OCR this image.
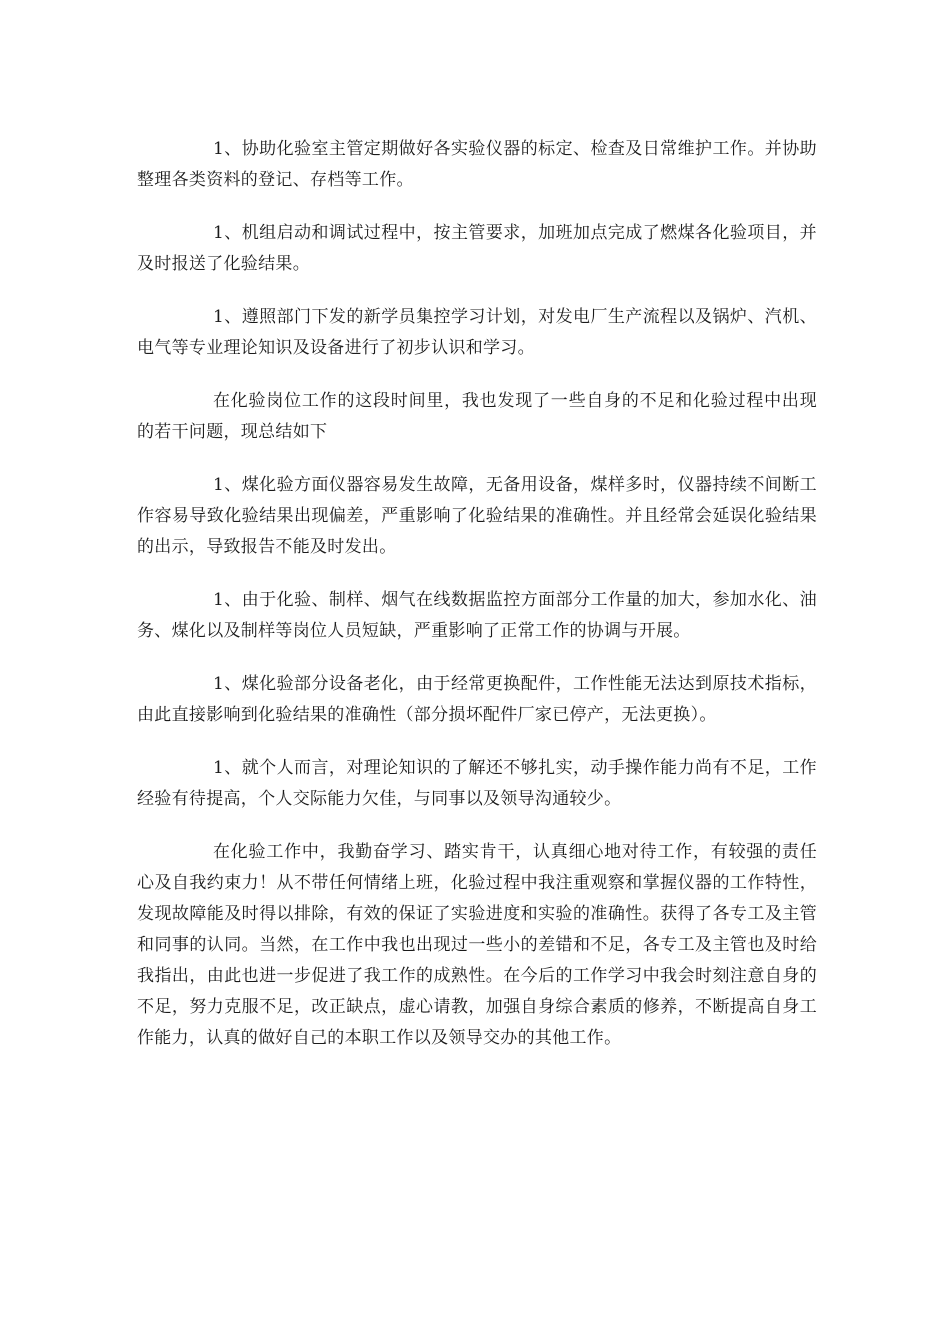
1、协助化验室主管定期做好各实验仪器的标定、检查及日常维护工作。并协助整理各类资料的登记、存档等工作。

1、机组启动和调试过程中，按主管要求，加班加点完成了燃煤各化验项目，并及时报送了化验结果。

1、遵照部门下发的新学员集控学习计划，对发电厂生产流程以及锅炉、汽机、电气等专业理论知识及设备进行了初步认识和学习。

在化验岗位工作的这段时间里，我也发现了一些自身的不足和化验过程中出现的若干问题，现总结如下

1、煤化验方面仪器容易发生故障，无备用设备，煤样多时，仪器持续不间断工作容易导致化验结果出现偏差，严重影响了化验结果的准确性。并且经常会延误化验结果的出示，导致报告不能及时发出。

1、由于化验、制样、烟气在线数据监控方面部分工作量的加大，参加水化、油务、煤化以及制样等岗位人员短缺，严重影响了正常工作的协调与开展。

1、煤化验部分设备老化，由于经常更换配件，工作性能无法达到原技术指标，由此直接影响到化验结果的准确性（部分损坏配件厂家已停产，无法更换）。

1、就个人而言，对理论知识的了解还不够扎实，动手操作能力尚有不足，工作经验有待提高，个人交际能力欠佳，与同事以及领导沟通较少。

在化验工作中，我勤奋学习、踏实肯干，认真细心地对待工作，有较强的责任心及自我约束力！从不带任何情绪上班，化验过程中我注重观察和掌握仪器的工作特性，发现故障能及时得以排除，有效的保证了实验进度和实验的准确性。获得了各专工及主管和同事的认同。当然，在工作中我也出现过一些小的差错和不足，各专工及主管也及时给我指出，由此也进一步促进了我工作的成熟性。在今后的工作学习中我会时刻注意自身的不足，努力克服不足，改正缺点，虚心请教，加强自身综合素质的修养，不断提高自身工作能力，认真的做好自己的本职工作以及领导交办的其他工作。
